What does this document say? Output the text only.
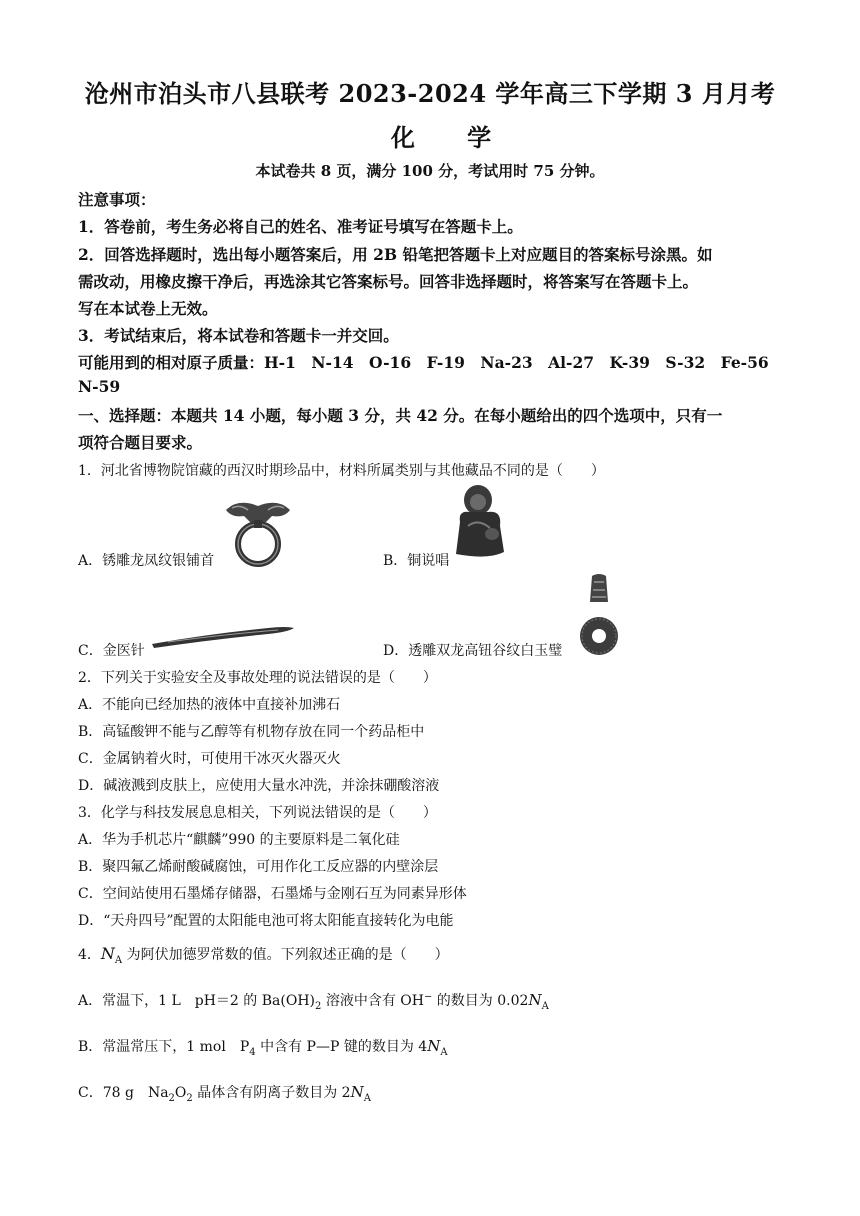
沧州市泊头市八县联考 2023-2024 学年高三下学期 3 月月考
化 学
本试卷共 8 页，满分 100 分，考试用时 75 分钟。
注意事项：
1．答卷前，考生务必将自己的姓名、准考证号填写在答题卡上。
2．回答选择题时，选出每小题答案后，用 2B 铅笔把答题卡上对应题目的答案标号涂黑。如
需改动，用橡皮擦干净后，再选涂其它答案标号。回答非选择题时，将答案写在答题卡上。
写在本试卷上无效。
3．考试结束后，将本试卷和答题卡一并交回。
可能用到的相对原子质量：H-1　N-14　O-16　F-19　Na-23　Al-27　K-39　S-32　Fe-56
N-59
一、选择题：本题共 14 小题，每小题 3 分，共 42 分。在每小题给出的四个选项中，只有一
项符合题目要求。
1．河北省博物院馆藏的西汉时期珍品中，材料所属类别与其他藏品不同的是（　　）
A．锈雕龙凤纹银铺首	B．铜说唱
C．金医针	D．透雕双龙高钮谷纹白玉璧
2．下列关于实验安全及事故处理的说法错误的是（　　）
A．不能向已经加热的液体中直接补加沸石
B．高锰酸钾不能与乙醇等有机物存放在同一个药品柜中
C．金属钠着火时，可使用干冰灭火器灭火
D．碱液溅到皮肤上，应使用大量水冲洗，并涂抹硼酸溶液
3．化学与科技发展息息相关，下列说法错误的是（　　）
A．华为手机芯片“麒麟”990 的主要原料是二氧化硅
B．聚四氟乙烯耐酸碱腐蚀，可用作化工反应器的内壁涂层
C．空间站使用石墨烯存储器，石墨烯与金刚石互为同素异形体
D．“天舟四号”配置的太阳能电池可将太阳能直接转化为电能
4．$N_A$ 为阿伏加德罗常数的值。下列叙述正确的是（　　）
A．常温下，1 L　pH＝2 的 $Ba(OH)_2$ 溶液中含有 OH− 的数目为 $0.02N_A$
B．常温常压下，1 mol　$P_4$ 中含有 P—P 键的数目为 $4N_A$
C．78 g　$Na_2O_2$ 晶体含有阴离子数目为 $2N_A$
